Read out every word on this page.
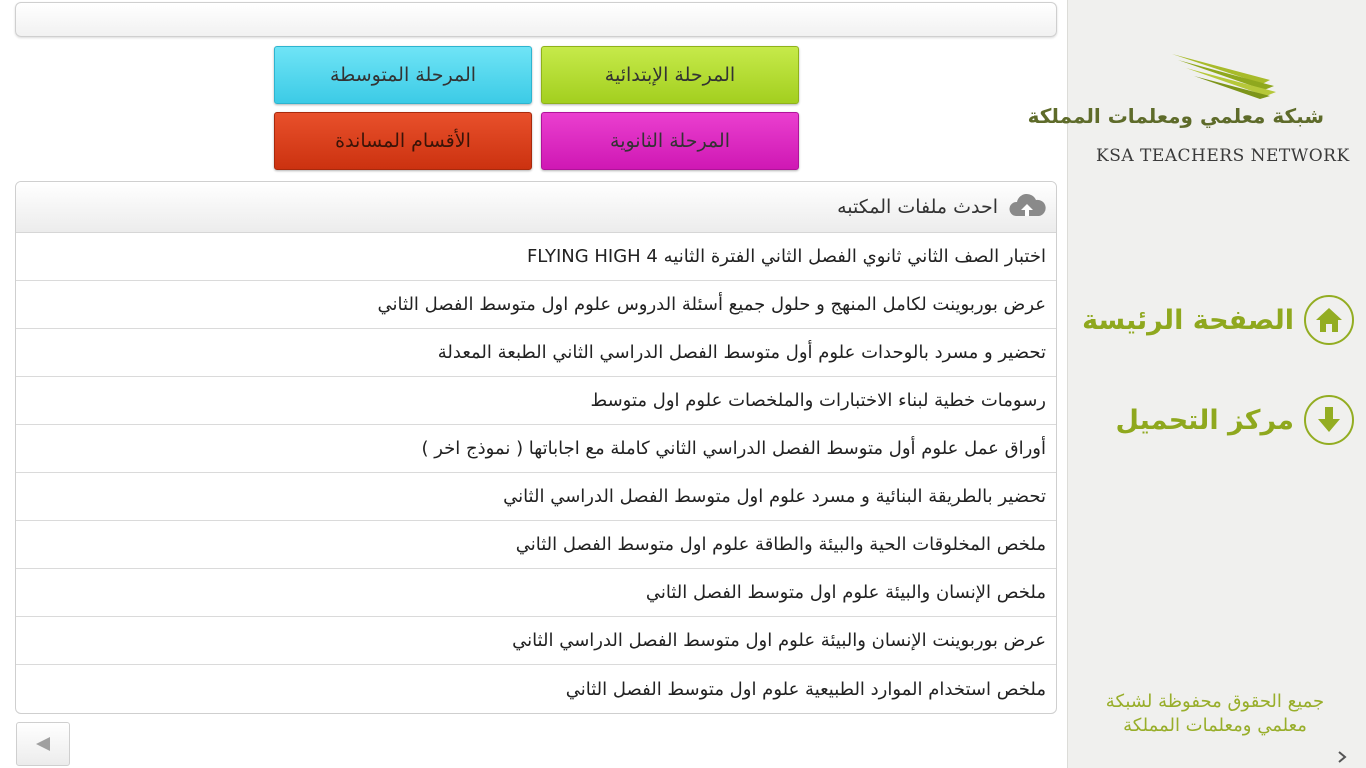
المرحلة الإبتدائية
المرحلة المتوسطة
المرحلة الثانوية
الأقسام المساندة
احدث ملفات المكتبه
اختبار الصف الثاني ثانوي الفصل الثاني الفترة الثانيه FLYING HIGH 4
عرض بوربوينت لكامل المنهج و حلول جميع أسئلة الدروس علوم اول متوسط الفصل الثاني
تحضير و مسرد بالوحدات علوم أول متوسط الفصل الدراسي الثاني الطبعة المعدلة
رسومات خطية لبناء الاختبارات والملخصات علوم اول متوسط
أوراق عمل علوم أول متوسط الفصل الدراسي الثاني كاملة مع اجاباتها ( نموذج اخر )
تحضير بالطريقة البنائية و مسرد علوم اول متوسط الفصل الدراسي الثاني
ملخص المخلوقات الحية والبيئة والطاقة علوم اول متوسط الفصل الثاني
ملخص الإنسان والبيئة علوم اول متوسط الفصل الثاني
عرض بوربوينت الإنسان والبيئة علوم اول متوسط الفصل الدراسي الثاني
ملخص استخدام الموارد الطبيعية علوم اول متوسط الفصل الثاني
شبكة معلمي ومعلمات المملكة
KSA TEACHERS NETWORK
الصفحة الرئيسة
مركز التحميل
جميع الحقوق محفوظة لشبكة معلمي ومعلمات المملكة
